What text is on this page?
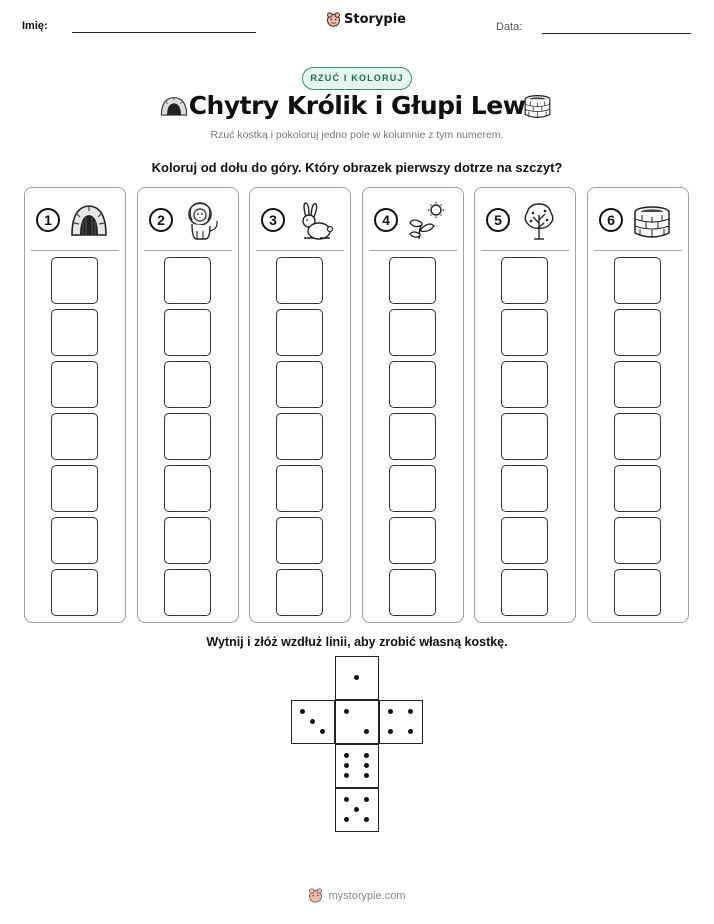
Imię:	Storypie	Data:
RZUĆ I KOLORUJ
Chytry Królik i Głupi Lew
Rzuć kostką i pokoloruj jedno pole w kolumnie z tym numerem.
Koloruj od dołu do góry. Który obrazek pierwszy dotrze na szczyt?
1	2	3	4	5	6
Wytnij i złóż wzdłuż linii, aby zrobić własną kostkę.
mystorypie.com
